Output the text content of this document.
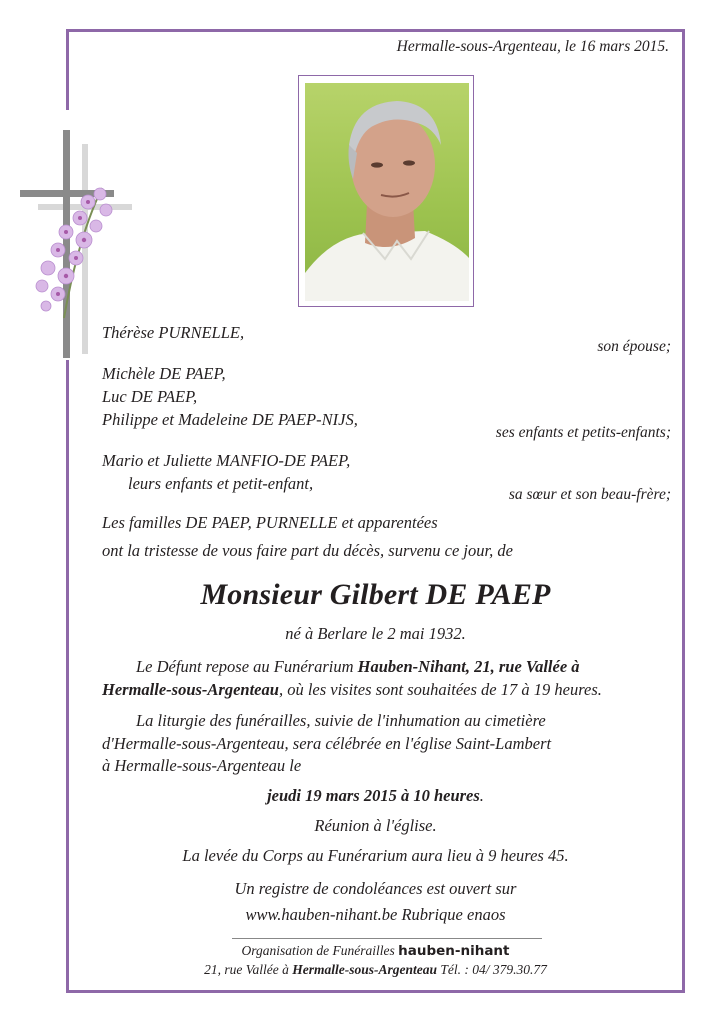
Hermalle-sous-Argenteau, le 16 mars 2015.
Thérèse PURNELLE,
son épouse;
Michèle DE PAEP,
Luc DE PAEP,
Philippe et Madeleine DE PAEP-NIJS,
ses enfants et petits-enfants;
Mario et Juliette MANFIO-DE PAEP,
leurs enfants et petit-enfant,
sa sœur et son beau-frère;
Les familles DE PAEP, PURNELLE et apparentées
ont la tristesse de vous faire part du décès, survenu ce jour, de
Monsieur Gilbert DE PAEP
né à Berlare le 2 mai 1932.
Le Défunt repose au Funérarium Hauben-Nihant, 21, rue Vallée à
Hermalle-sous-Argenteau, où les visites sont souhaitées de 17 à 19 heures.
La liturgie des funérailles, suivie de l'inhumation au cimetière
d'Hermalle-sous-Argenteau, sera célébrée en l'église Saint-Lambert
à Hermalle-sous-Argenteau le
jeudi 19 mars 2015 à 10 heures.
Réunion à l'église.
La levée du Corps au Funérarium aura lieu à 9 heures 45.
Un registre de condoléances est ouvert sur
www.hauben-nihant.be Rubrique enaos
Organisation de Funérailles hauben-nihant
21, rue Vallée à Hermalle-sous-Argenteau Tél. : 04/ 379.30.77
